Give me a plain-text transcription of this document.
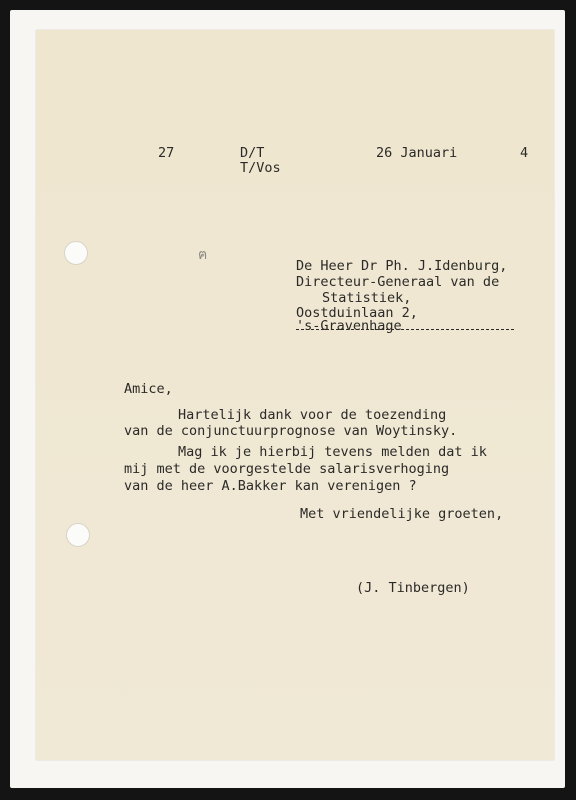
27	D/T
T/Vos
26 Januari	4
ฅ
De Heer Dr Ph. J.Idenburg,
Directeur-Generaal van de
Statistiek,
Oostduinlaan 2,
's-Gravenhage
Amice,
Hartelijk dank voor de toezending
van de conjunctuurprognose van Woytinsky.
Mag ik je hierbij tevens melden dat ik
mij met de voorgestelde salarisverhoging
van de heer A.Bakker kan verenigen ?
Met vriendelijke groeten,
(J. Tinbergen)
